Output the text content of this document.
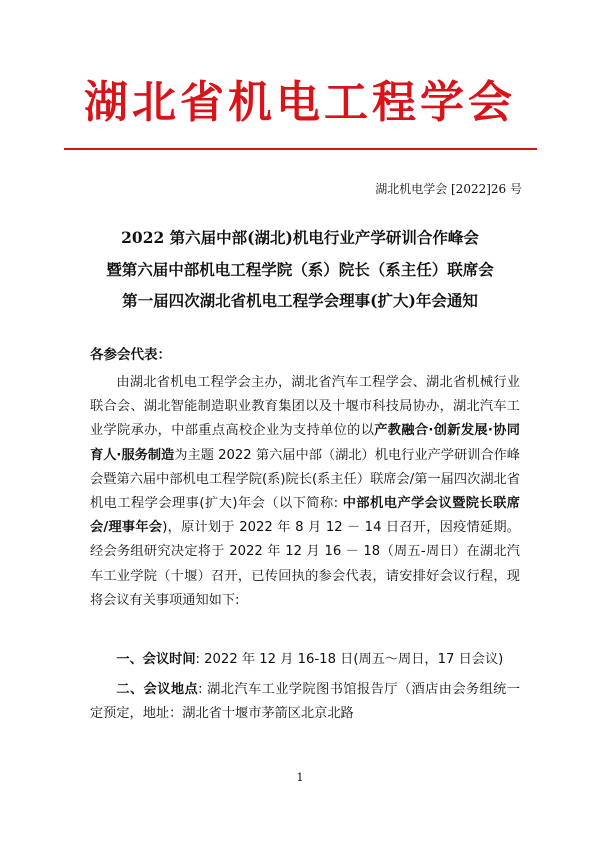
湖北省机电工程学会
湖北机电学会 [2022]26 号
2022 第六届中部(湖北)机电行业产学研训合作峰会
暨第六届中部机电工程学院（系）院长（系主任）联席会
第一届四次湖北省机电工程学会理事(扩大)年会通知
各参会代表：
由湖北省机电工程学会主办，湖北省汽车工程学会、湖北省机械行业联合会、湖北智能制造职业教育集团以及十堰市科技局协办，湖北汽车工业学院承办，中部重点高校企业为支持单位的以产教融合·创新发展·协同育人·服务制造为主题 2022 第六届中部（湖北）机电行业产学研训合作峰会暨第六届中部机电工程学院(系)院长(系主任）联席会/第一届四次湖北省机电工程学会理事(扩大)年会（以下简称: 中部机电产学会议暨院长联席会/理事年会)，原计划于 2022 年 8 月 12 － 14 日召开，因疫情延期。经会务组研究决定将于 2022 年 12 月 16 － 18（周五-周日）在湖北汽车工业学院（十堰）召开，已传回执的参会代表，请安排好会议行程，现将会议有关事项通知如下:
一、会议时间: 2022 年 12 月 16-18 日(周五～周日，17 日会议)
二、会议地点: 湖北汽车工业学院图书馆报告厅（酒店由会务组统一定预定，地址：湖北省十堰市茅箭区北京北路
1
